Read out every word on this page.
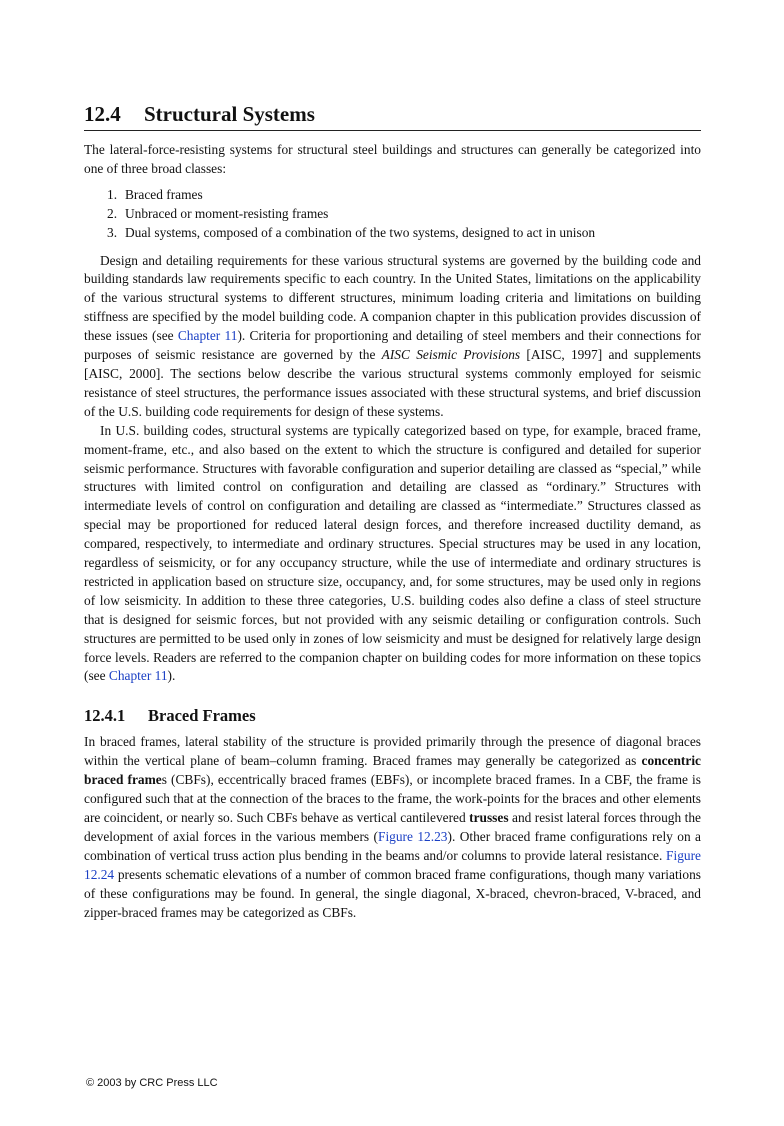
12.4 Structural Systems

The lateral-force-resisting systems for structural steel buildings and structures can generally be categorized into one of three broad classes:

1. Braced frames
2. Unbraced or moment-resisting frames
3. Dual systems, composed of a combination of the two systems, designed to act in unison

Design and detailing requirements for these various structural systems are governed by the building code and building standards law requirements specific to each country. In the United States, limitations on the applicability of the various structural systems to different structures, minimum loading criteria and limitations on building stiffness are specified by the model building code. A companion chapter in this publication provides discussion of these issues (see Chapter 11). Criteria for proportioning and detailing of steel members and their connections for purposes of seismic resistance are governed by the AISC Seismic Provisions [AISC, 1997] and supplements [AISC, 2000]. The sections below describe the various structural systems commonly employed for seismic resistance of steel structures, the performance issues associated with these structural systems, and brief discussion of the U.S. building code requirements for design of these systems.

In U.S. building codes, structural systems are typically categorized based on type, for example, braced frame, moment-frame, etc., and also based on the extent to which the structure is configured and detailed for superior seismic performance. Structures with favorable configuration and superior detailing are classed as “special,” while structures with limited control on configuration and detailing are classed as “ordinary.” Structures with intermediate levels of control on configuration and detailing are classed as “intermediate.” Structures classed as special may be proportioned for reduced lateral design forces, and therefore increased ductility demand, as compared, respectively, to intermediate and ordinary structures. Special structures may be used in any location, regardless of seismicity, or for any occupancy structure, while the use of intermediate and ordinary structures is restricted in application based on structure size, occupancy, and, for some structures, may be used only in regions of low seismicity. In addition to these three categories, U.S. building codes also define a class of steel structure that is designed for seismic forces, but not provided with any seismic detailing or configuration controls. Such structures are permitted to be used only in zones of low seismicity and must be designed for relatively large design force levels. Readers are referred to the companion chapter on building codes for more information on these topics (see Chapter 11).

12.4.1 Braced Frames

In braced frames, lateral stability of the structure is provided primarily through the presence of diagonal braces within the vertical plane of beam–column framing. Braced frames may generally be categorized as concentric braced frames (CBFs), eccentrically braced frames (EBFs), or incomplete braced frames. In a CBF, the frame is configured such that at the connection of the braces to the frame, the work-points for the braces and other elements are coincident, or nearly so. Such CBFs behave as vertical cantilevered trusses and resist lateral forces through the development of axial forces in the various members (Figure 12.23). Other braced frame configurations rely on a combination of vertical truss action plus bending in the beams and/or columns to provide lateral resistance. Figure 12.24 presents schematic elevations of a number of common braced frame configurations, though many variations of these configurations may be found. In general, the single diagonal, X-braced, chevron-braced, V-braced, and zipper-braced frames may be categorized as CBFs.

© 2003 by CRC Press LLC
